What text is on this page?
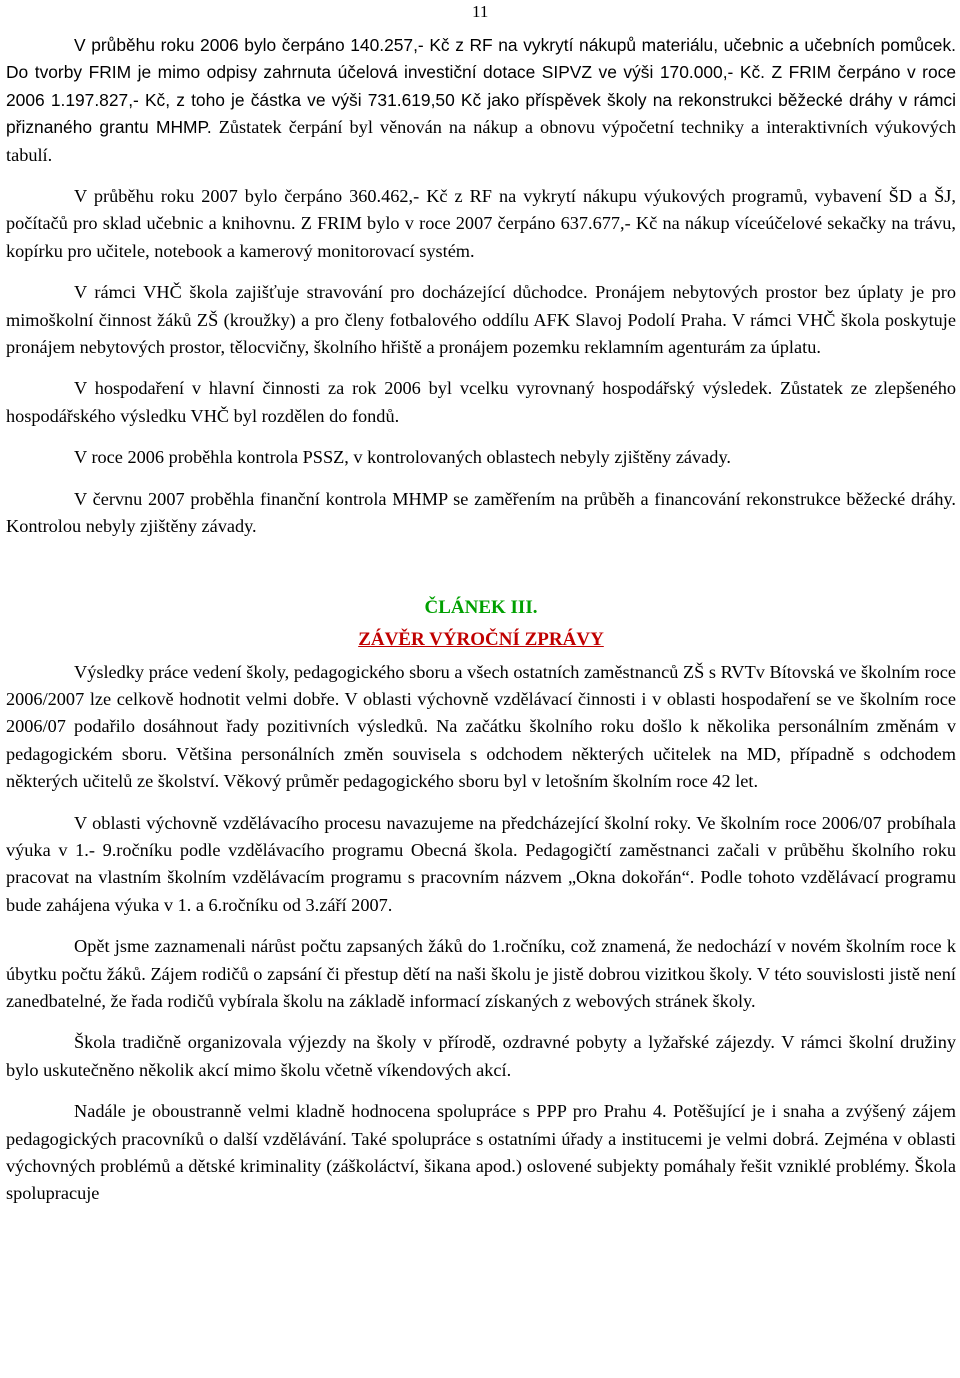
11

V průběhu roku 2006 bylo čerpáno 140.257,- Kč z RF na vykrytí nákupů materiálu, učebnic a učebních pomůcek. Do tvorby FRIM je mimo odpisy zahrnuta účelová investiční dotace SIPVZ ve výši 170.000,- Kč. Z FRIM čerpáno v roce 2006 1.197.827,- Kč, z toho je částka ve výši 731.619,50 Kč jako příspěvek školy na rekonstrukci běžecké dráhy v rámci přiznaného grantu MHMP. Zůstatek čerpání byl věnován na nákup a obnovu výpočetní techniky a interaktivních výukových tabulí.

V průběhu roku 2007 bylo čerpáno 360.462,- Kč z RF na vykrytí nákupu výukových programů, vybavení ŠD a ŠJ, počítačů pro sklad učebnic a knihovnu. Z FRIM bylo v roce 2007 čerpáno 637.677,- Kč na nákup víceúčelové sekačky na trávu, kopírku pro učitele, notebook a kamerový monitorovací systém.

V rámci VHČ škola zajišťuje stravování pro docházející důchodce. Pronájem nebytových prostor bez úplaty je pro mimoškolní činnost žáků ZŠ (kroužky) a pro členy fotbalového oddílu AFK Slavoj Podolí Praha. V rámci VHČ škola poskytuje pronájem nebytových prostor, tělocvičny, školního hřiště a pronájem pozemku reklamním agenturám za úplatu.

V hospodaření v hlavní činnosti za rok 2006 byl vcelku vyrovnaný hospodářský výsledek. Zůstatek ze zlepšeného hospodářského výsledku VHČ byl rozdělen do fondů.

V roce 2006 proběhla kontrola PSSZ, v kontrolovaných oblastech nebyly zjištěny závady.

V červnu 2007 proběhla finanční kontrola MHMP se zaměřením na průběh a financování rekonstrukce běžecké dráhy. Kontrolou nebyly zjištěny závady.

ČLÁNEK III.
ZÁVĚR VÝROČNÍ ZPRÁVY

Výsledky práce vedení školy, pedagogického sboru a všech ostatních zaměstnanců ZŠ s RVTv Bítovská ve školním roce 2006/2007 lze celkově hodnotit velmi dobře. V oblasti výchovně vzdělávací činnosti i v oblasti hospodaření se ve školním roce 2006/07 podařilo dosáhnout řady pozitivních výsledků. Na začátku školního roku došlo k několika personálním změnám v pedagogickém sboru. Většina personálních změn souvisela s odchodem některých učitelek na MD, případně s odchodem některých učitelů ze školství. Věkový průměr pedagogického sboru byl v letošním školním roce 42 let.

V oblasti výchovně vzdělávacího procesu navazujeme na předcházející školní roky. Ve školním roce 2006/07 probíhala výuka v 1.- 9.ročníku podle vzdělávacího programu Obecná škola. Pedagogičtí zaměstnanci začali v průběhu školního roku pracovat na vlastním školním vzdělávacím programu s pracovním názvem „Okna dokořán“. Podle tohoto vzdělávací programu bude zahájena výuka v 1. a 6.ročníku od 3.září 2007.

Opět jsme zaznamenali nárůst počtu zapsaných žáků do 1.ročníku, což znamená, že nedochází v novém školním roce k úbytku počtu žáků. Zájem rodičů o zapsání či přestup dětí na naši školu je jistě dobrou vizitkou školy. V této souvislosti jistě není zanedbatelné, že řada rodičů vybírala školu na základě informací získaných z webových stránek školy.

Škola tradičně organizovala výjezdy na školy v přírodě, ozdravné pobyty a lyžařské zájezdy. V rámci školní družiny bylo uskutečněno několik akcí mimo školu včetně víkendových akcí.

Nadále je oboustranně velmi kladně hodnocena spolupráce s PPP pro Prahu 4. Potěšující je i snaha a zvýšený zájem pedagogických pracovníků o další vzdělávání. Také spolupráce s ostatními úřady a institucemi je velmi dobrá. Zejména v oblasti výchovných problémů a dětské kriminality (záškoláctví, šikana apod.) oslovené subjekty pomáhaly řešit vzniklé problémy. Škola spolupracuje
